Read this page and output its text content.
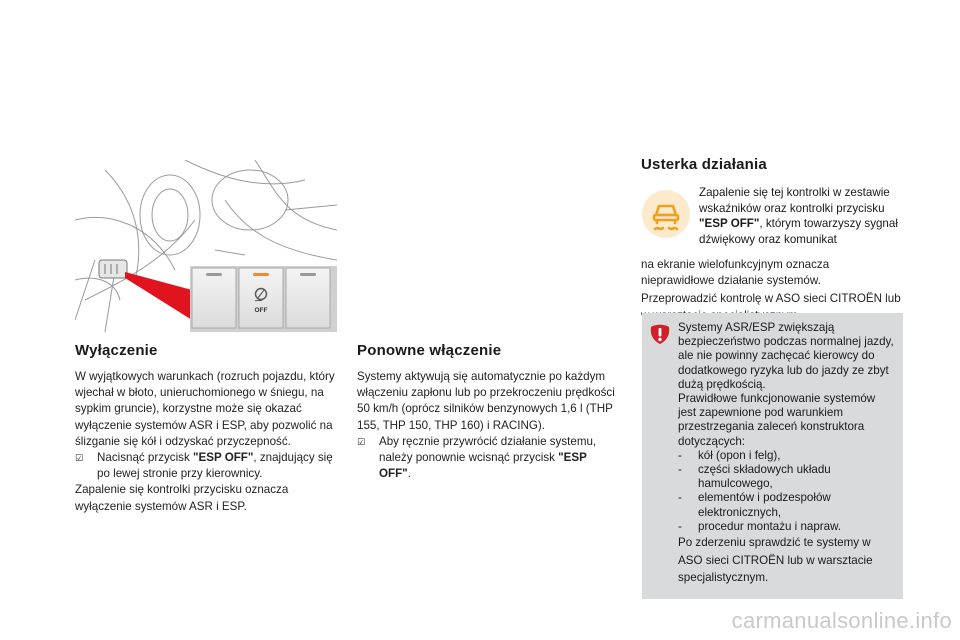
OFF
Wyłączenie
W wyjątkowych warunkach (rozruch pojazdu, który wjechał w błoto, unieruchomionego w śniegu, na sypkim gruncie), korzystne może się okazać wyłączenie systemów ASR i ESP, aby pozwolić na ślizganie się kół i odzyskać przyczepność.
☑ Nacisnąć przycisk "ESP OFF", znajdujący się po lewej stronie przy kierownicy.
Zapalenie się kontrolki przycisku oznacza wyłączenie systemów ASR i ESP.
Ponowne włączenie
Systemy aktywują się automatycznie po każdym włączeniu zapłonu lub po przekroczeniu prędkości 50 km/h (oprócz silników benzynowych 1,6 l (THP 155, THP 150, THP 160) i RACING).
☑ Aby ręcznie przywrócić działanie systemu, należy ponownie wcisnąć przycisk "ESP OFF".
Usterka działania
Zapalenie się tej kontrolki w zestawie wskaźników oraz kontrolki przycisku "ESP OFF", którym towarzyszy sygnał dźwiękowy oraz komunikat
na ekranie wielofunkcyjnym oznacza nieprawidłowe działanie systemów.
Przeprowadzić kontrolę w ASO sieci CITROËN lub
Systemy ASR/ESP zwiększają bezpieczeństwo podczas normalnej jazdy, ale nie powinny zachęcać kierowcy do dodatkowego ryzyka lub do jazdy ze zbyt dużą prędkością.
Prawidłowe funkcjonowanie systemów jest zapewnione pod warunkiem przestrzegania zaleceń konstruktora dotyczących:
- kół (opon i felg),
- części składowych układu hamulcowego,
- elementów i podzespołów elektronicznych,
- procedur montażu i napraw.
Po zderzeniu sprawdzić te systemy w ASO sieci CITROËN lub w warsztacie specjalistycznym.
carmanualsonline.info
